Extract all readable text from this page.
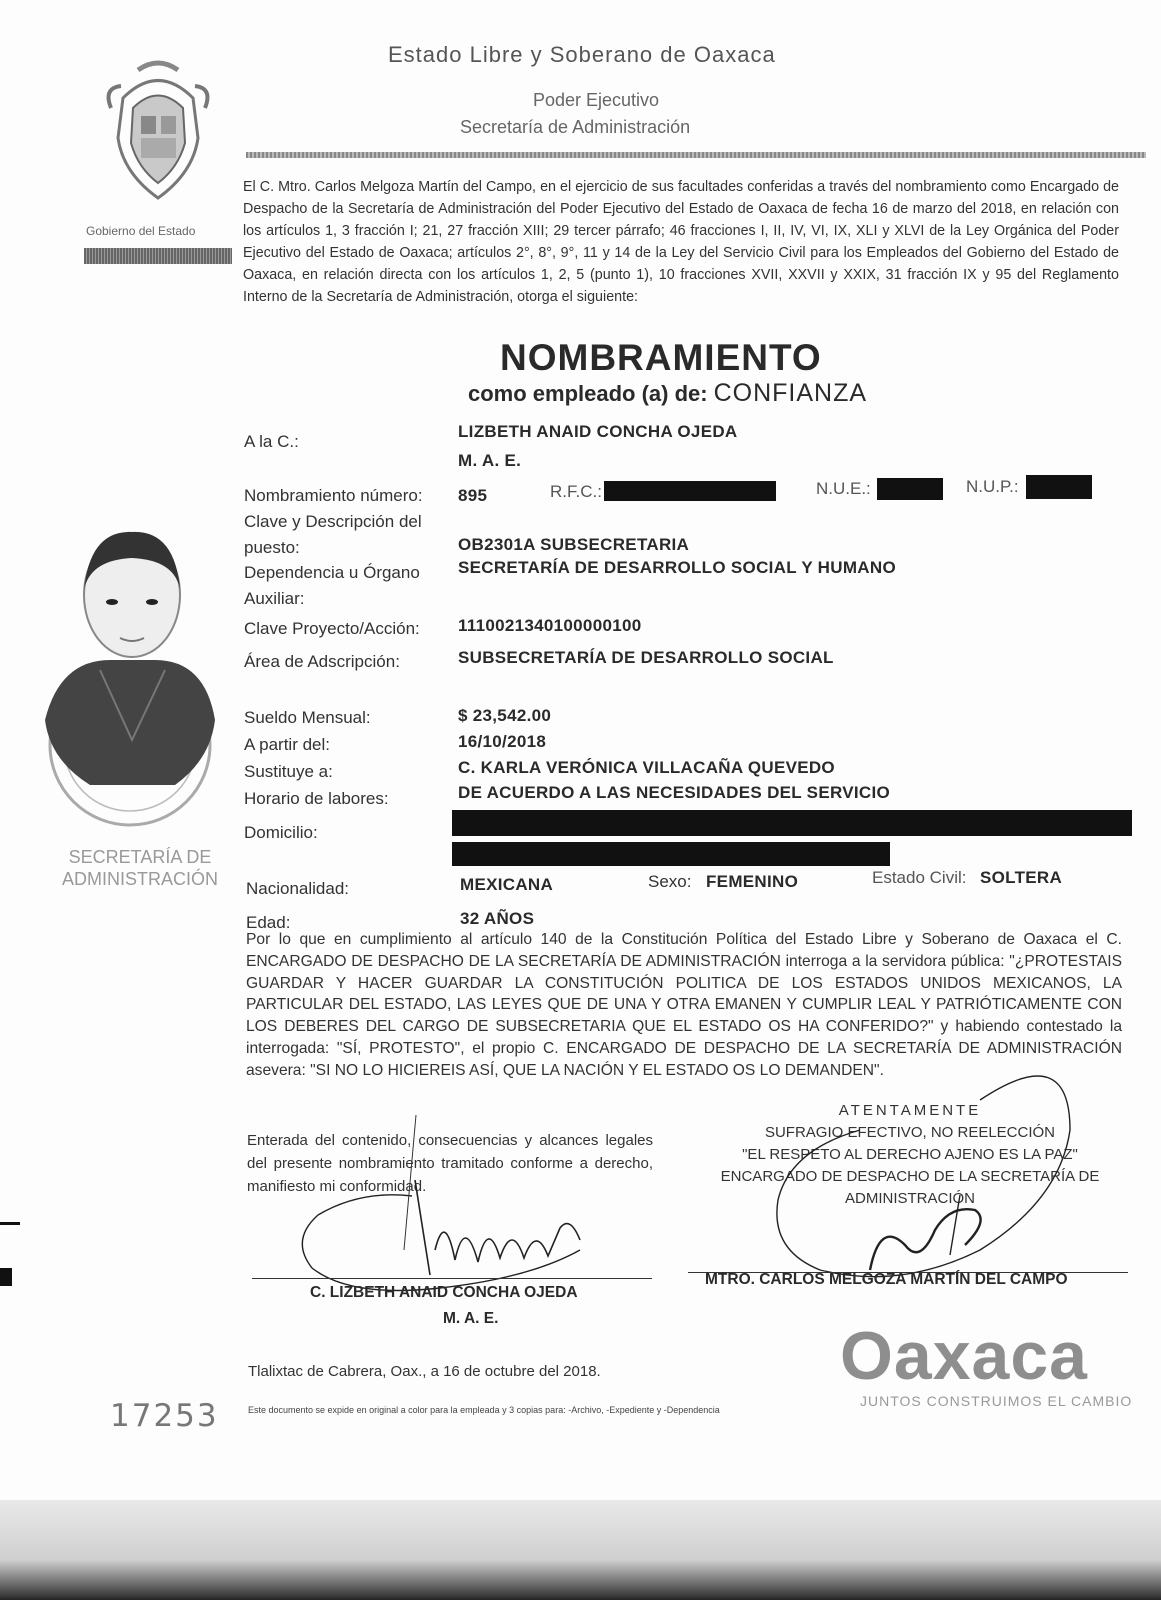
Gobierno del Estado
Estado Libre y Soberano de Oaxaca
Poder Ejecutivo
Secretaría de Administración
El C. Mtro. Carlos Melgoza Martín del Campo, en el ejercicio de sus facultades conferidas a través del nombramiento como Encargado de Despacho de la Secretaría de Administración del Poder Ejecutivo del Estado de Oaxaca de fecha 16 de marzo del 2018, en relación con los artículos 1, 3 fracción I; 21, 27 fracción XIII; 29 tercer párrafo; 46 fracciones I, II, IV, VI, IX, XLI y XLVI de la Ley Orgánica del Poder Ejecutivo del Estado de Oaxaca; artículos 2°, 8°, 9°, 11 y 14 de la Ley del Servicio Civil para los Empleados del Gobierno del Estado de Oaxaca, en relación directa con los artículos 1, 2, 5 (punto 1), 10 fracciones XVII, XXVII y XXIX, 31 fracción IX y 95 del Reglamento Interno de la Secretaría de Administración, otorga el siguiente:
NOMBRAMIENTO
como empleado (a) de: CONFIANZA
SECRETARÍA DE
ADMINISTRACIÓN
A la C.:
LIZBETH ANAID CONCHA OJEDA
M. A. E.
Nombramiento número: 895	R.F.C.:	N.U.E.:	N.U.P.:
Clave y Descripción del
puesto:	OB2301A SUBSECRETARIA
Dependencia u Órgano
Auxiliar:
SECRETARÍA DE DESARROLLO SOCIAL Y HUMANO
Clave Proyecto/Acción: 111002134010000010​0
Área de Adscripción:	SUBSECRETARÍA DE DESARROLLO SOCIAL
Sueldo Mensual:	$ 23,542.00
A partir del:	16/10/2018
Sustituye a:	C. KARLA VERÓNICA VILLACAÑA QUEVEDO
Horario de labores:	DE ACUERDO A LAS NECESIDADES DEL SERVICIO
Domicilio:
Nacionalidad:	MEXICANA	Sexo: FEMENINO	Estado Civil: SOLTERA
Edad:	32 AÑOS
Por lo que en cumplimiento al artículo 140 de la Constitución Política del Estado Libre y Soberano de Oaxaca el C. ENCARGADO DE DESPACHO DE LA SECRETARÍA DE ADMINISTRACIÓN interroga a la servidora pública: "¿PROTESTAIS GUARDAR Y HACER GUARDAR LA CONSTITUCIÓN POLITICA DE LOS ESTADOS UNIDOS MEXICANOS, LA PARTICULAR DEL ESTADO, LAS LEYES QUE DE UNA Y OTRA EMANEN Y CUMPLIR LEAL Y PATRIÓTICAMENTE CON LOS DEBERES DEL CARGO DE SUBSECRETARIA QUE EL ESTADO OS HA CONFERIDO?" y habiendo contestado la interrogada: "SÍ, PROTESTO", el propio C. ENCARGADO DE DESPACHO DE LA SECRETARÍA DE ADMINISTRACIÓN asevera: "SI NO LO HICIEREIS ASÍ, QUE LA NACIÓN Y EL ESTADO OS LO DEMANDEN".
Enterada del contenido, consecuencias y alcances legales del presente nombramiento tramitado conforme a derecho, manifiesto mi conformidad.
ATENTAMENTE
SUFRAGIO EFECTIVO, NO REELECCIÓN
"EL RESPETO AL DERECHO AJENO ES LA PAZ"
ENCARGADO DE DESPACHO DE LA SECRETARÍA DE ADMINISTRACIÓN
C. LIZBETH ANAID CONCHA OJEDA
M. A. E.
MTRO. CARLOS MELGOZA MARTÍN DEL CAMPO
Tlalixtac de Cabrera, Oax., a 16 de octubre del 2018.
Este documento se expide en original a color para la empleada y 3 copias para: -Archivo, -Expediente y -Dependencia
17253
Oaxaca
JUNTOS CONSTRUIMOS EL CAMBIO
